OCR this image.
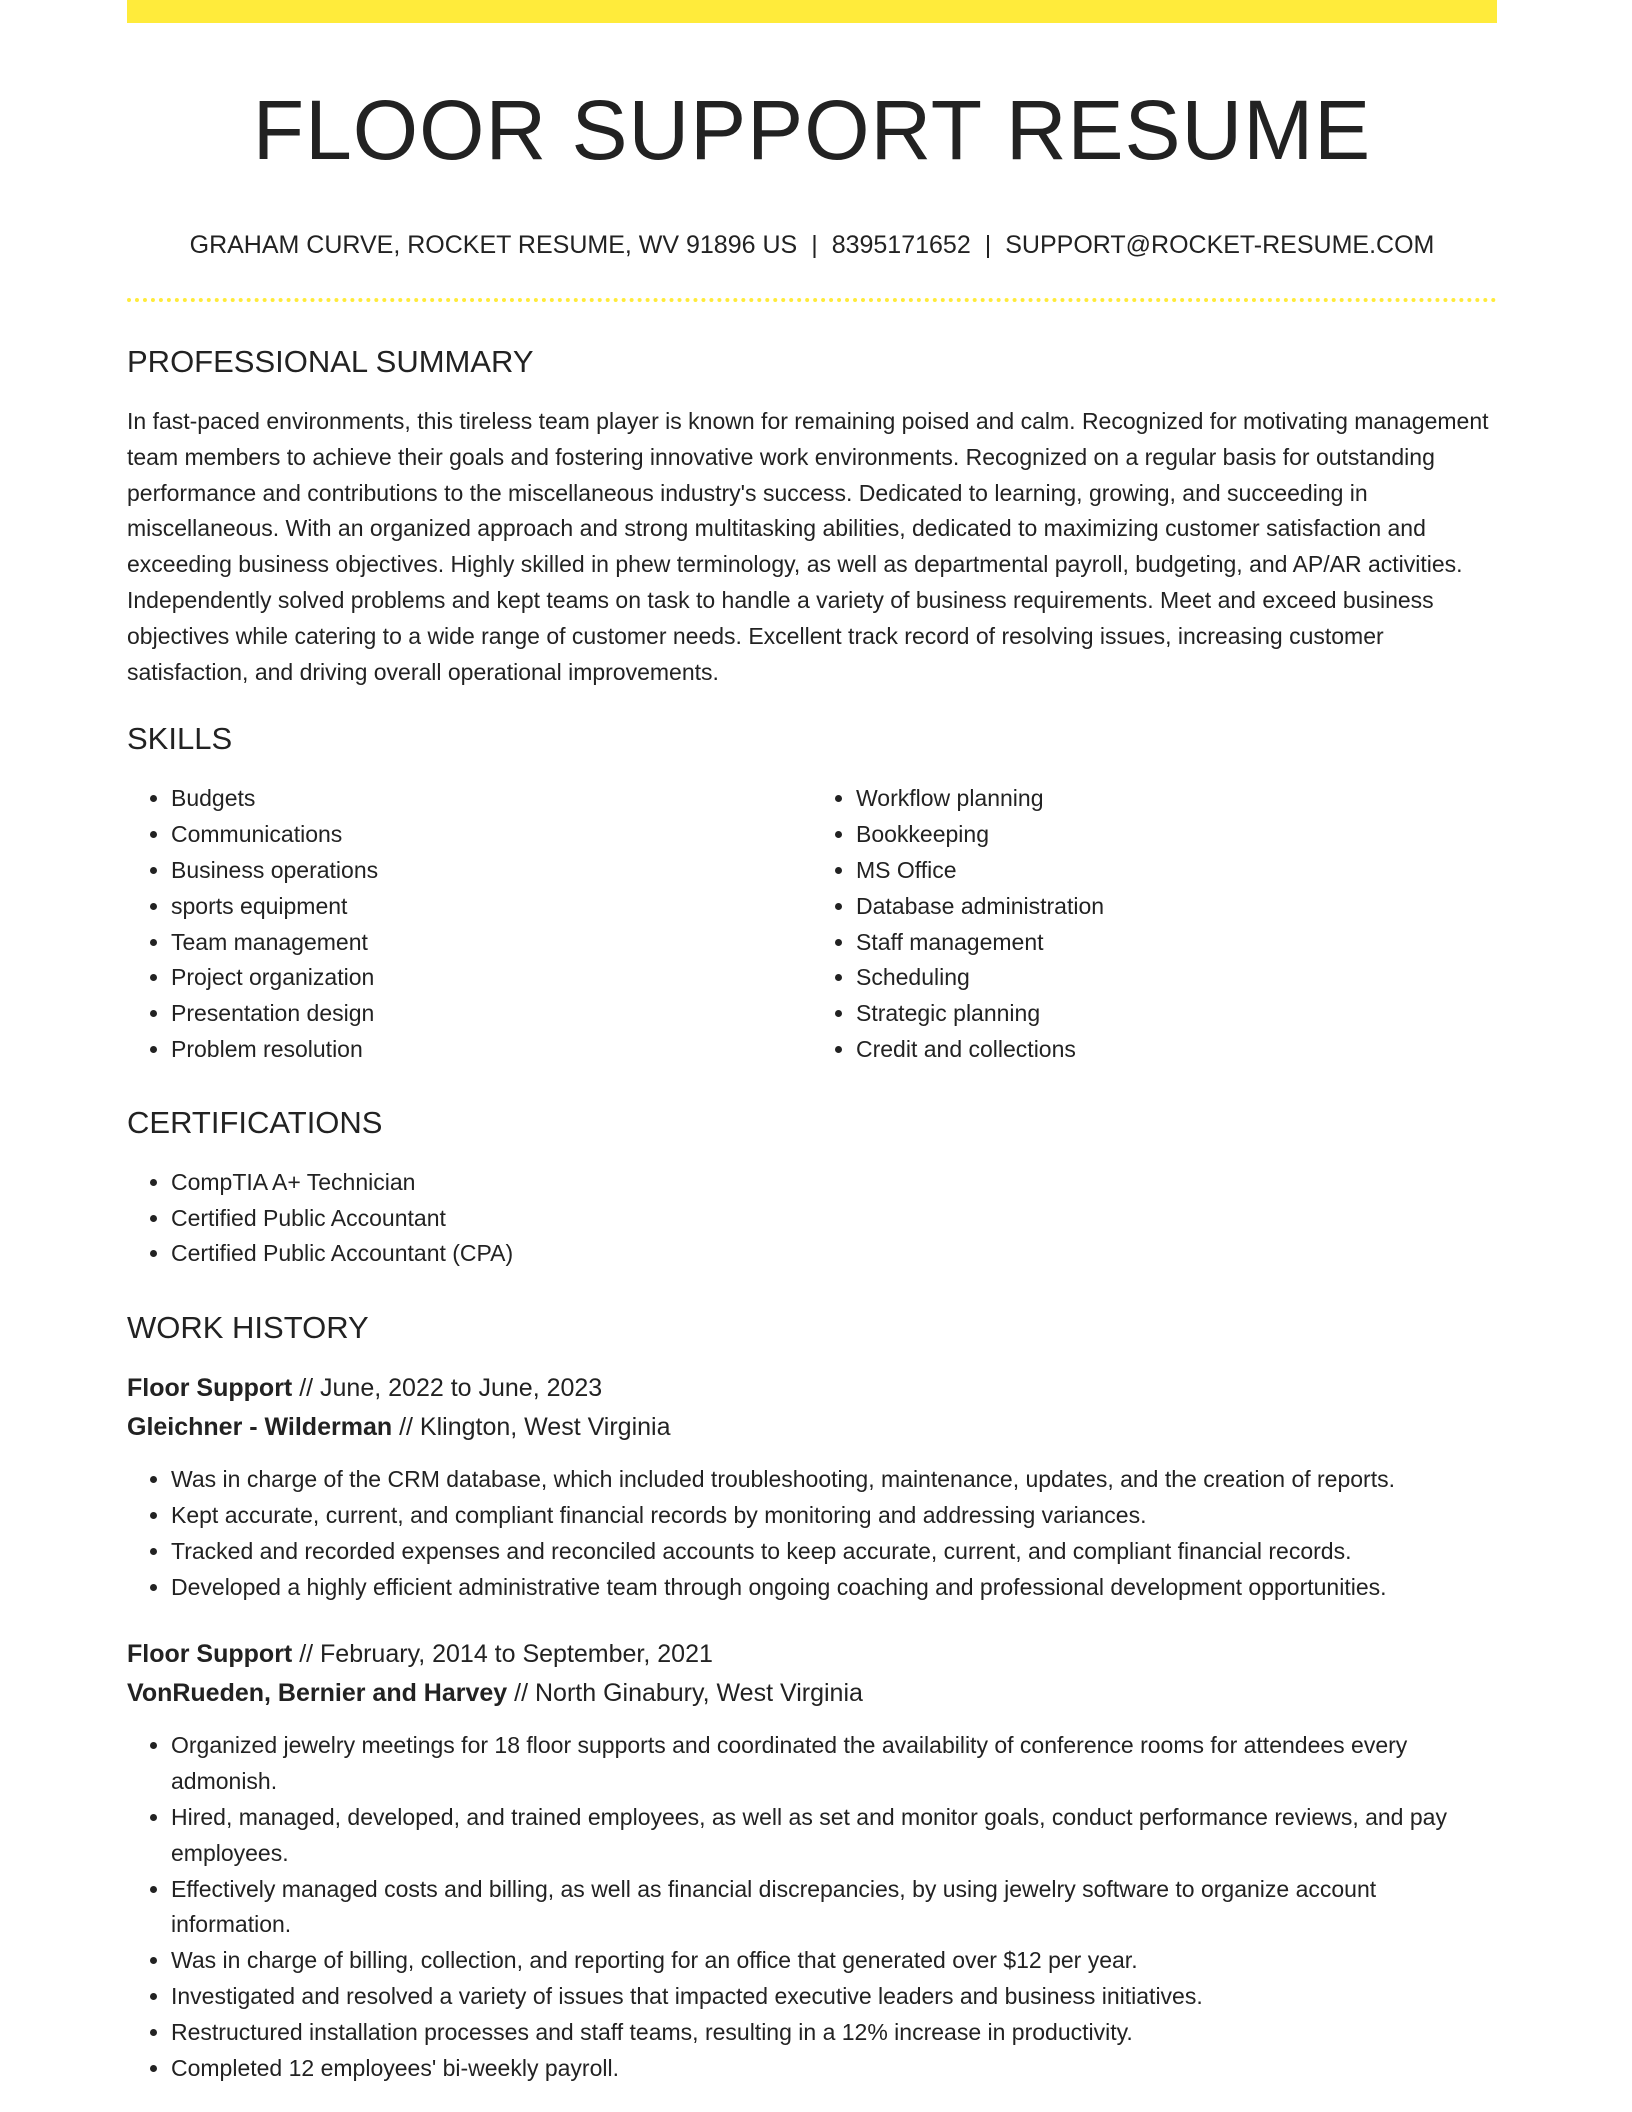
FLOOR SUPPORT RESUME
GRAHAM CURVE, ROCKET RESUME, WV 91896 US | 8395171652 | SUPPORT@ROCKET-RESUME.COM
PROFESSIONAL SUMMARY

In fast-paced environments, this tireless team player is known for remaining poised and calm. Recognized for motivating management team members to achieve their goals and fostering innovative work environments. Recognized on a regular basis for outstanding performance and contributions to the miscellaneous industry's success. Dedicated to learning, growing, and succeeding in miscellaneous. With an organized approach and strong multitasking abilities, dedicated to maximizing customer satisfaction and exceeding business objectives. Highly skilled in phew terminology, as well as departmental payroll, budgeting, and AP/AR activities. Independently solved problems and kept teams on task to handle a variety of business requirements. Meet and exceed business objectives while catering to a wide range of customer needs. Excellent track record of resolving issues, increasing customer satisfaction, and driving overall operational improvements.

SKILLS
• Budgets
• Communications
• Business operations
• sports equipment
• Team management
• Project organization
• Presentation design
• Problem resolution
• Workflow planning
• Bookkeeping
• MS Office
• Database administration
• Staff management
• Scheduling
• Strategic planning
• Credit and collections
CERTIFICATIONS
• CompTIA A+ Technician
• Certified Public Accountant
• Certified Public Accountant (CPA)
WORK HISTORY
Floor Support // June, 2022 to June, 2023
Gleichner - Wilderman // Klington, West Virginia
• Was in charge of the CRM database, which included troubleshooting, maintenance, updates, and the creation of reports.
• Kept accurate, current, and compliant financial records by monitoring and addressing variances.
• Tracked and recorded expenses and reconciled accounts to keep accurate, current, and compliant financial records.
• Developed a highly efficient administrative team through ongoing coaching and professional development opportunities.
Floor Support // February, 2014 to September, 2021
VonRueden, Bernier and Harvey // North Ginabury, West Virginia
• Organized jewelry meetings for 18 floor supports and coordinated the availability of conference rooms for attendees every admonish.
• Hired, managed, developed, and trained employees, as well as set and monitor goals, conduct performance reviews, and pay employees.
• Effectively managed costs and billing, as well as financial discrepancies, by using jewelry software to organize account information.
• Was in charge of billing, collection, and reporting for an office that generated over $12 per year.
• Investigated and resolved a variety of issues that impacted executive leaders and business initiatives.
• Restructured installation processes and staff teams, resulting in a 12% increase in productivity.
• Completed 12 employees' bi-weekly payroll.
